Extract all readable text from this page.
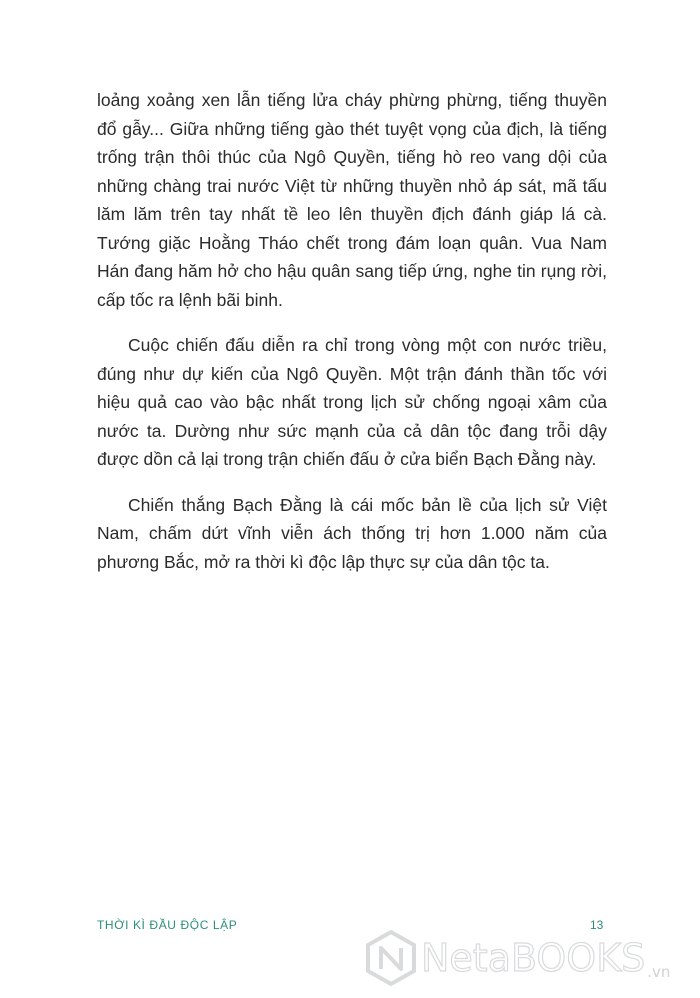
loảng xoảng xen lẫn tiếng lửa cháy phừng phừng, tiếng thuyền đổ gẫy... Giữa những tiếng gào thét tuyệt vọng của địch, là tiếng trống trận thôi thúc của Ngô Quyền, tiếng hò reo vang dội của những chàng trai nước Việt từ những thuyền nhỏ áp sát, mã tấu lăm lăm trên tay nhất tề leo lên thuyền địch đánh giáp lá cà. Tướng giặc Hoằng Tháo chết trong đám loạn quân. Vua Nam Hán đang hăm hở cho hậu quân sang tiếp ứng, nghe tin rụng rời, cấp tốc ra lệnh bãi binh.

Cuộc chiến đấu diễn ra chỉ trong vòng một con nước triều, đúng như dự kiến của Ngô Quyền. Một trận đánh thần tốc với hiệu quả cao vào bậc nhất trong lịch sử chống ngoại xâm của nước ta. Dường như sức mạnh của cả dân tộc đang trỗi dậy được dồn cả lại trong trận chiến đấu ở cửa biển Bạch Đằng này.

Chiến thắng Bạch Đằng là cái mốc bản lề của lịch sử Việt Nam, chấm dứt vĩnh viễn ách thống trị hơn 1.000 năm của phương Bắc, mở ra thời kì độc lập thực sự của dân tộc ta.

THỜI KÌ ĐẦU ĐỘC LẬP	13
NetaBOOKS .vn
